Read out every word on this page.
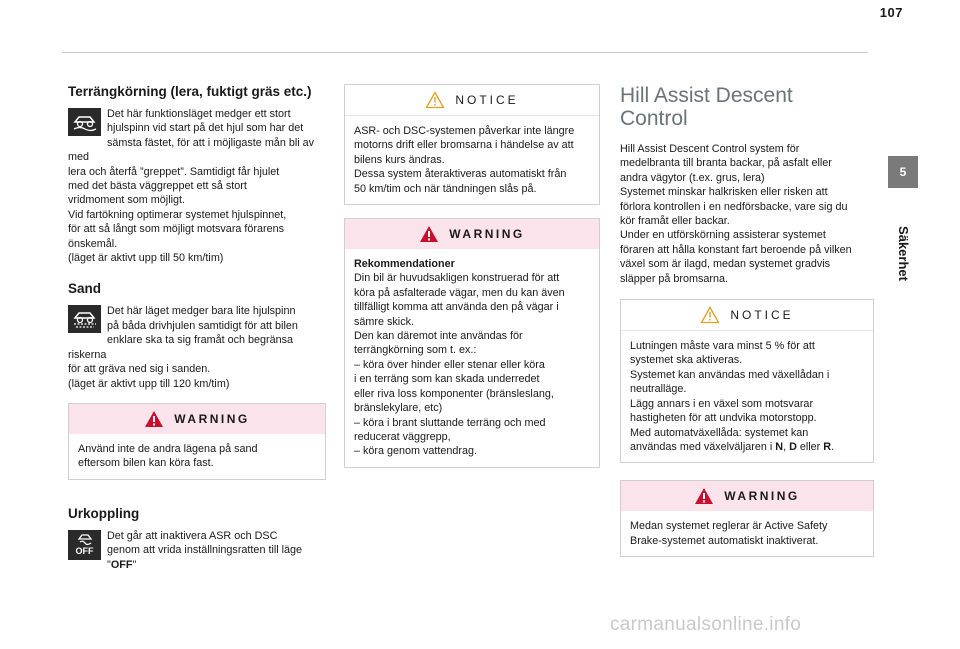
107
5
Säkerhet
Terrängkörning (lera, fuktigt gräs etc.)

Det här funktionsläget medger ett stort
hjulspinn vid start på det hjul som har det
sämsta fästet, för att i möjligaste mån bli av med
lera och återfå ”greppet”. Samtidigt får hjulet
med det bästa väggreppet ett så stort
vridmoment som möjligt.
Vid fartökning optimerar systemet hjulspinnet,
för att så långt som möjligt motsvara förarens
önskemål.
(läget är aktivt upp till 50 km/tim)

Sand

Det här läget medger bara lite hjulspinn
på båda drivhjulen samtidigt för att bilen
enklare ska ta sig framåt och begränsa riskerna
för att gräva ned sig i sanden.
(läget är aktivt upp till 120 km/tim)

WARNING

Använd inte de andra lägena på sand
eftersom bilen kan köra fast.

Urkoppling
OFF

Det går att inaktivera ASR och DSC
genom att vrida inställningsratten till läge
"OFF"

NOTICE

ASR- och DSC-systemen påverkar inte längre
motorns drift eller bromsarna i händelse av att
bilens kurs ändras.
Dessa system återaktiveras automatiskt från
50 km/tim och när tändningen slås på.

WARNING

Rekommendationer

Din bil är huvudsakligen konstruerad för att
köra på asfalterade vägar, men du kan även
tillfälligt komma att använda den på vägar i
sämre skick.
Den kan däremot inte användas för
terrängkörning som t. ex.:
– köra över hinder eller stenar eller köra
i en terräng som kan skada underredet
eller riva loss komponenter (bränsleslang,
bränslekylare, etc)
– köra i brant sluttande terräng och med
reducerat väggrepp,
– köra genom vattendrag.

Hill Assist Descent
Control

Hill Assist Descent Control system för
medelbranta till branta backar, på asfalt eller
andra vägytor (t.ex. grus, lera)
Systemet minskar halkrisken eller risken att
förlora kontrollen i en nedförsbacke, vare sig du
kör framåt eller backar.
Under en utförskörning assisterar systemet
föraren att hålla konstant fart beroende på vilken
växel som är ilagd, medan systemet gradvis
släpper på bromsarna.

NOTICE

Lutningen måste vara minst 5 % för att
systemet ska aktiveras.
Systemet kan användas med växellådan i
neutralläge.
Lägg annars i en växel som motsvarar
hastigheten för att undvika motorstopp.
Med automatväxellåda: systemet kan
användas med växelväljaren i N, D eller R.

WARNING

Medan systemet reglerar är Active Safety
Brake-systemet automatiskt inaktiverat.

carmanualsonline.info
